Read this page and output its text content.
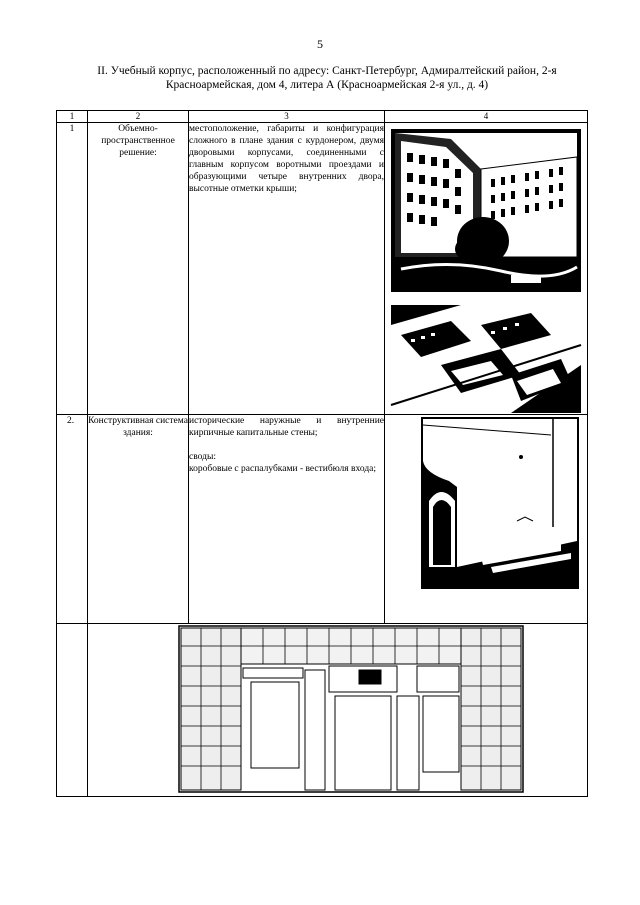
5
II. Учебный корпус, расположенный по адресу: Санкт-Петербург, Адмиралтейский район, 2-я Красноармейская, дом 4, литера А (Красноармейская 2-я ул., д. 4)
1	2	3	4
1	Объемно-пространственное решение:	местоположение, габариты и конфигурация сложного в плане здания с курдонером, двумя дворовыми корпусами, соединенными с главным корпусом воротными проездами и образующими четыре внутренних двора, высотные отметки крыши;	

2.	Конструктивная система здания:	исторические наружные и внутренние кирпичные капитальные стены;

своды:
коробовые с распалубками - вестибюля входа;
